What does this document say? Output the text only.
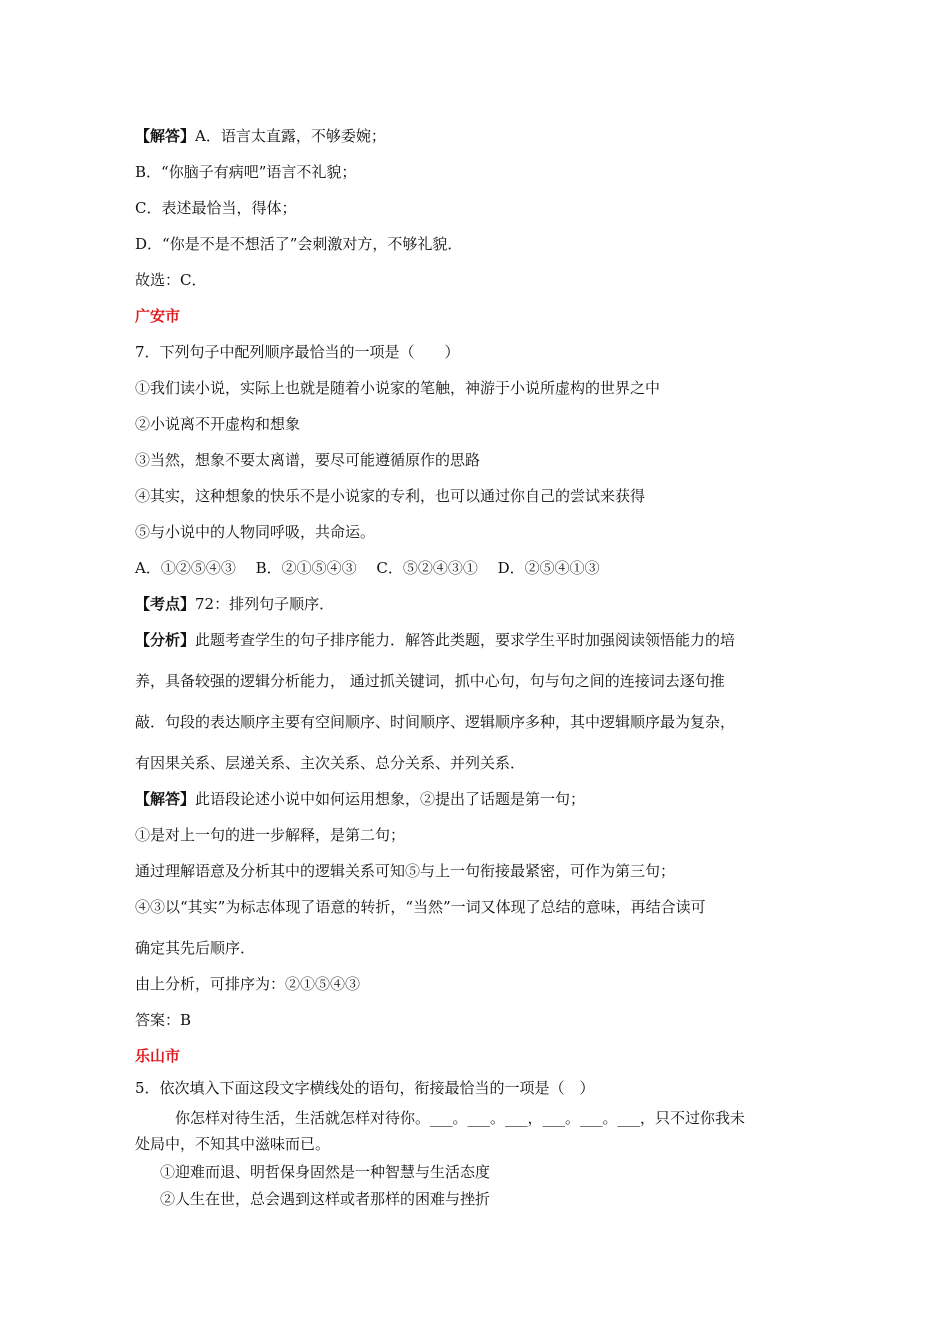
【解答】A．语言太直露，不够委婉；
B．“你脑子有病吧”语言不礼貌；
C．表述最恰当，得体；
D．“你是不是不想活了”会刺激对方，不够礼貌．
故选：C．
广安市
7．下列句子中配列顺序最恰当的一项是（　　）
①我们读小说，实际上也就是随着小说家的笔触，神游于小说所虚构的世界之中
②小说离不开虚构和想象
③当然，想象不要太离谱，要尽可能遵循原作的思路
④其实，这种想象的快乐不是小说家的专利，也可以通过你自己的尝试来获得
⑤与小说中的人物同呼吸，共命运。
A．①②⑤④③　 B．②①⑤④③　 C．⑤②④③①　 D．②⑤④①③
【考点】72：排列句子顺序．
【分析】此题考查学生的句子排序能力．解答此类题，要求学生平时加强阅读领悟能力的培
养，具备较强的逻辑分析能力， 通过抓关键词，抓中心句，句与句之间的连接词去逐句推
敲．句段的表达顺序主要有空间顺序、时间顺序、逻辑顺序多种，其中逻辑顺序最为复杂，
有因果关系、层递关系、主次关系、总分关系、并列关系．
【解答】此语段论述小说中如何运用想象，②提出了话题是第一句；
①是对上一句的进一步解释，是第二句；
通过理解语意及分析其中的逻辑关系可知⑤与上一句衔接最紧密，可作为第三句；
④③以“其实”为标志体现了语意的转折，“当然”一词又体现了总结的意味，再结合读可
确定其先后顺序．
由上分析，可排序为：②①⑤④③
答案：B
乐山市
5．依次填入下面这段文字横线处的语句，衔接最恰当的一项是（　）
你怎样对待生活，生活就怎样对待你。___。___。___，___。___。___，只不过你我未
处局中，不知其中滋味而已。
①迎难而退、明哲保身固然是一种智慧与生活态度
②人生在世，总会遇到这样或者那样的困难与挫折
